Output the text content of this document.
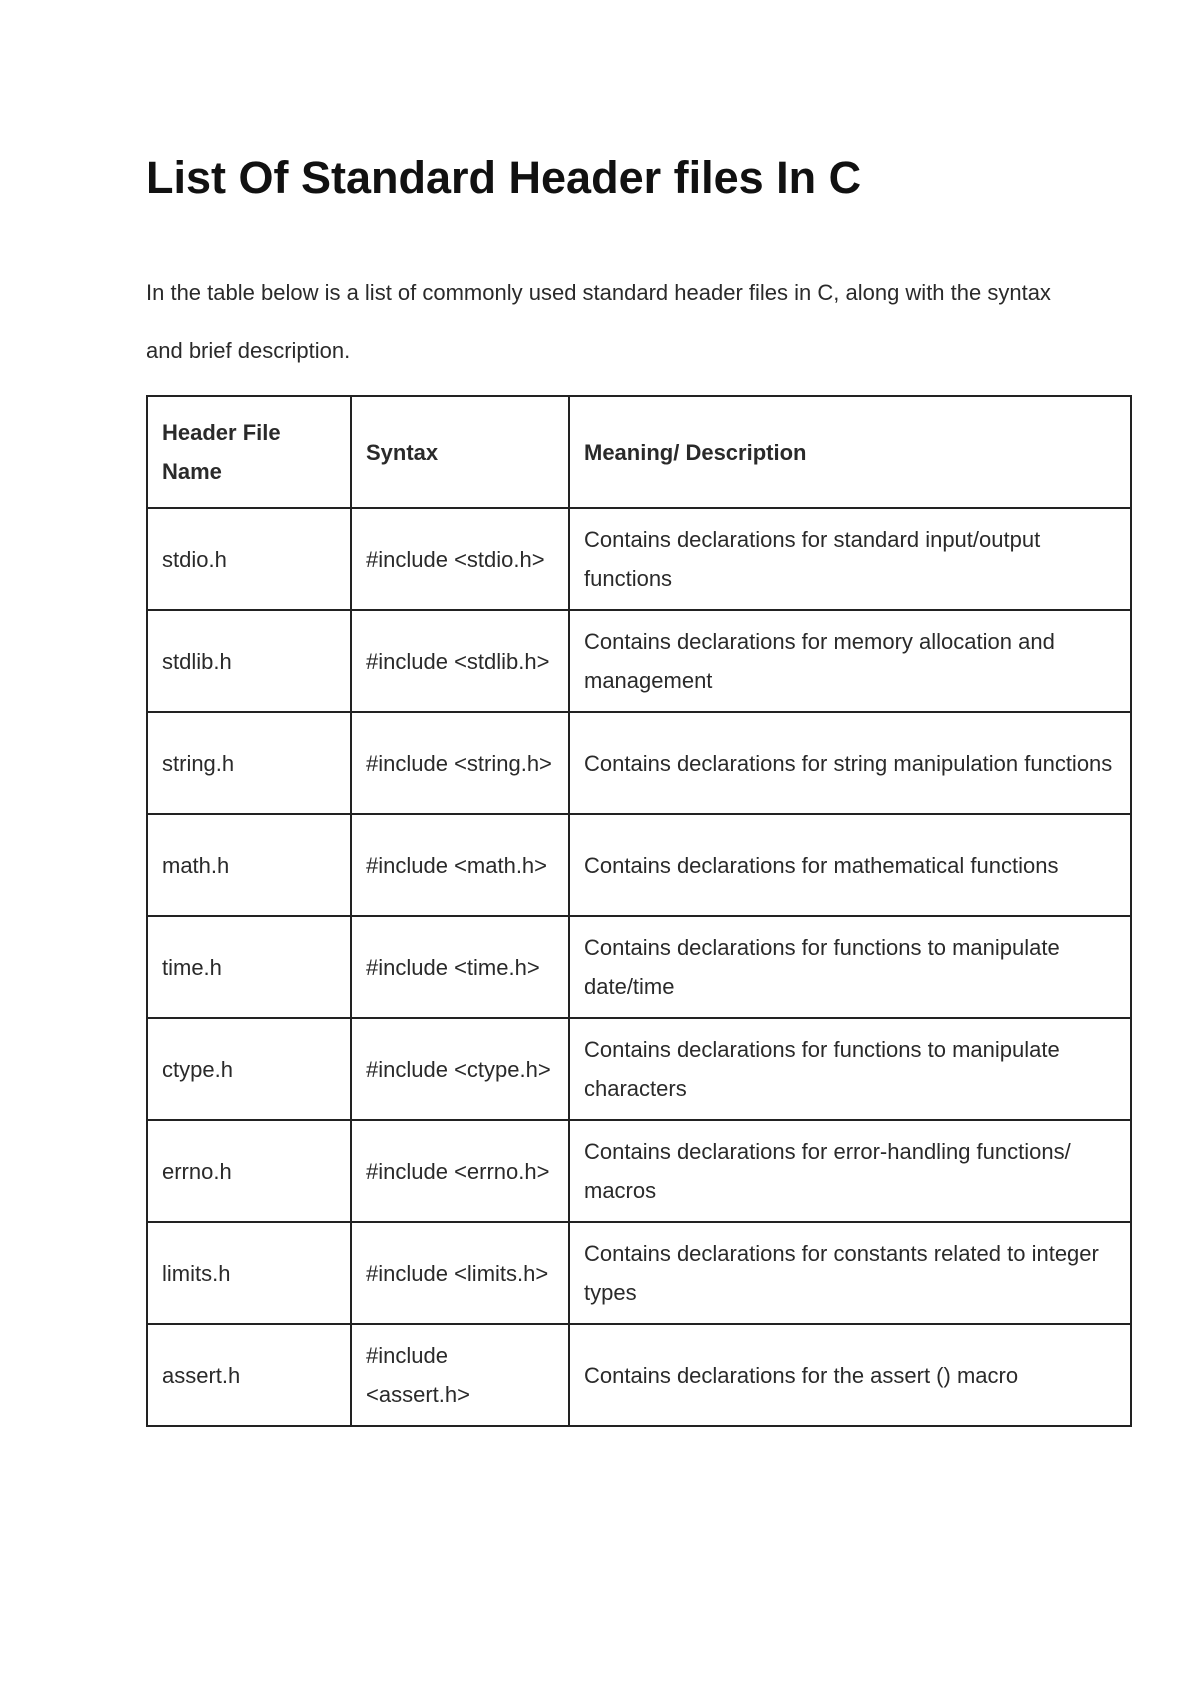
List Of Standard Header files In C

In the table below is a list of commonly used standard header files in C, along with the syntax and brief description.

Header File Name	Syntax	Meaning/ Description
stdio.h	#include <stdio.h>	Contains declarations for standard input/output functions
stdlib.h	#include <stdlib.h>	Contains declarations for memory allocation and management
string.h	#include <string.h>	Contains declarations for string manipulation functions
math.h	#include <math.h>	Contains declarations for mathematical functions
time.h	#include <time.h>	Contains declarations for functions to manipulate date/time
ctype.h	#include <ctype.h>	Contains declarations for functions to manipulate characters
errno.h	#include <errno.h>	Contains declarations for error-handling functions/ macros
limits.h	#include <limits.h>	Contains declarations for constants related to integer types
assert.h	#include <assert.h>	Contains declarations for the assert () macro
